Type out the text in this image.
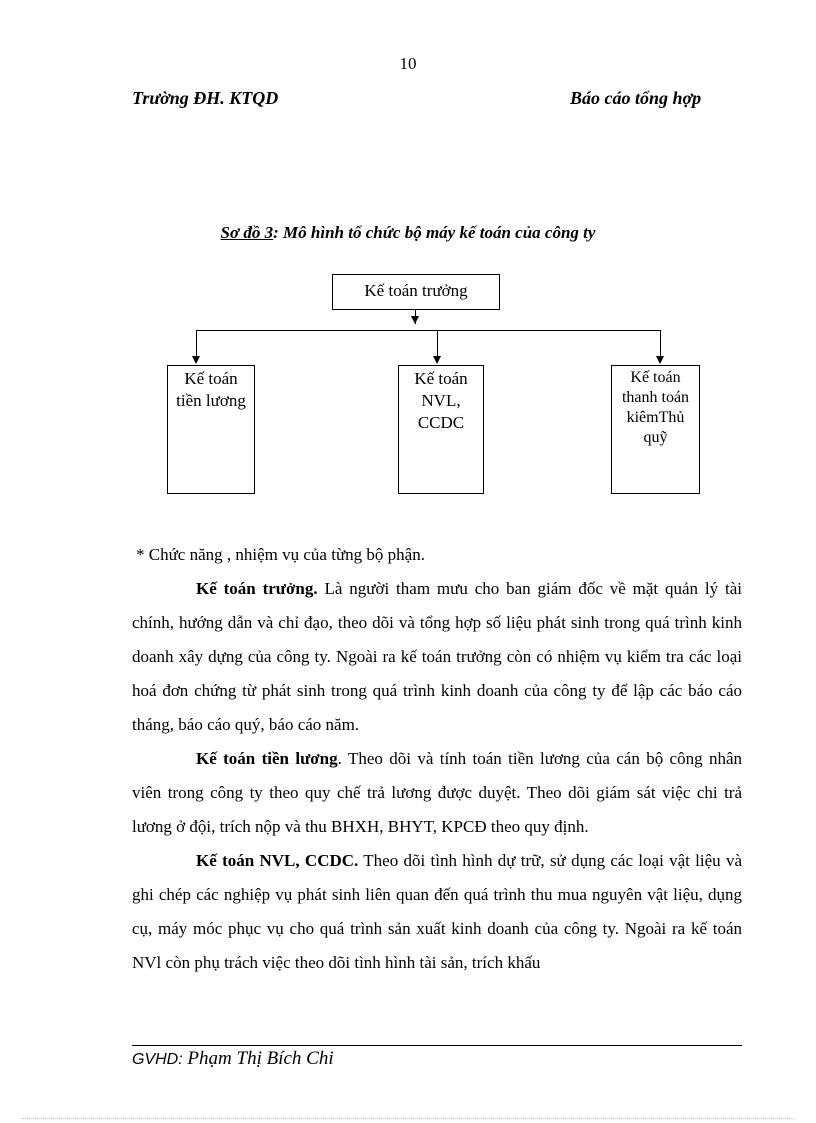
10
Trường ĐH. KTQD	Báo cáo tổng hợp
Sơ đồ 3: Mô hình tổ chức bộ máy kế toán của công ty
Kế toán trưởng
Kế toán
tiền lương
Kế toán
NVL,
CCDC
Kế toán
thanh toán
kiêmThủ
quỹ

* Chức năng , nhiệm vụ của từng bộ phận.

Kế toán trưởng. Là người tham mưu cho ban giám đốc về mặt quản lý tài chính, hướng dẫn và chỉ đạo, theo dõi và tổng hợp số liệu phát sinh trong quá trình kinh doanh xây dựng của công ty. Ngoài ra kế toán trưởng còn có nhiệm vụ kiểm tra các loại hoá đơn chứng từ phát sinh trong quá trình kinh doanh của công ty để lập các báo cáo tháng, báo cáo quý, báo cáo năm.

Kế toán tiền lương. Theo dõi và tính toán tiền lương của cán bộ công nhân viên trong công ty theo quy chế trả lương được duyệt. Theo dõi giám sát việc chi trả lương ở đội, trích nộp và thu BHXH, BHYT, KPCĐ theo quy định.

Kế toán NVL, CCDC. Theo dõi tình hình dự trữ, sử dụng các loại vật liệu và ghi chép các nghiệp vụ phát sinh liên quan đến quá trình thu mua nguyên vật liệu, dụng cụ, máy móc phục vụ cho quá trình sản xuất kinh doanh của công ty. Ngoài ra kế toán NVl còn phụ trách việc theo dõi tình hình tài sản, trích khấu

GVHD: Phạm Thị Bích Chi
